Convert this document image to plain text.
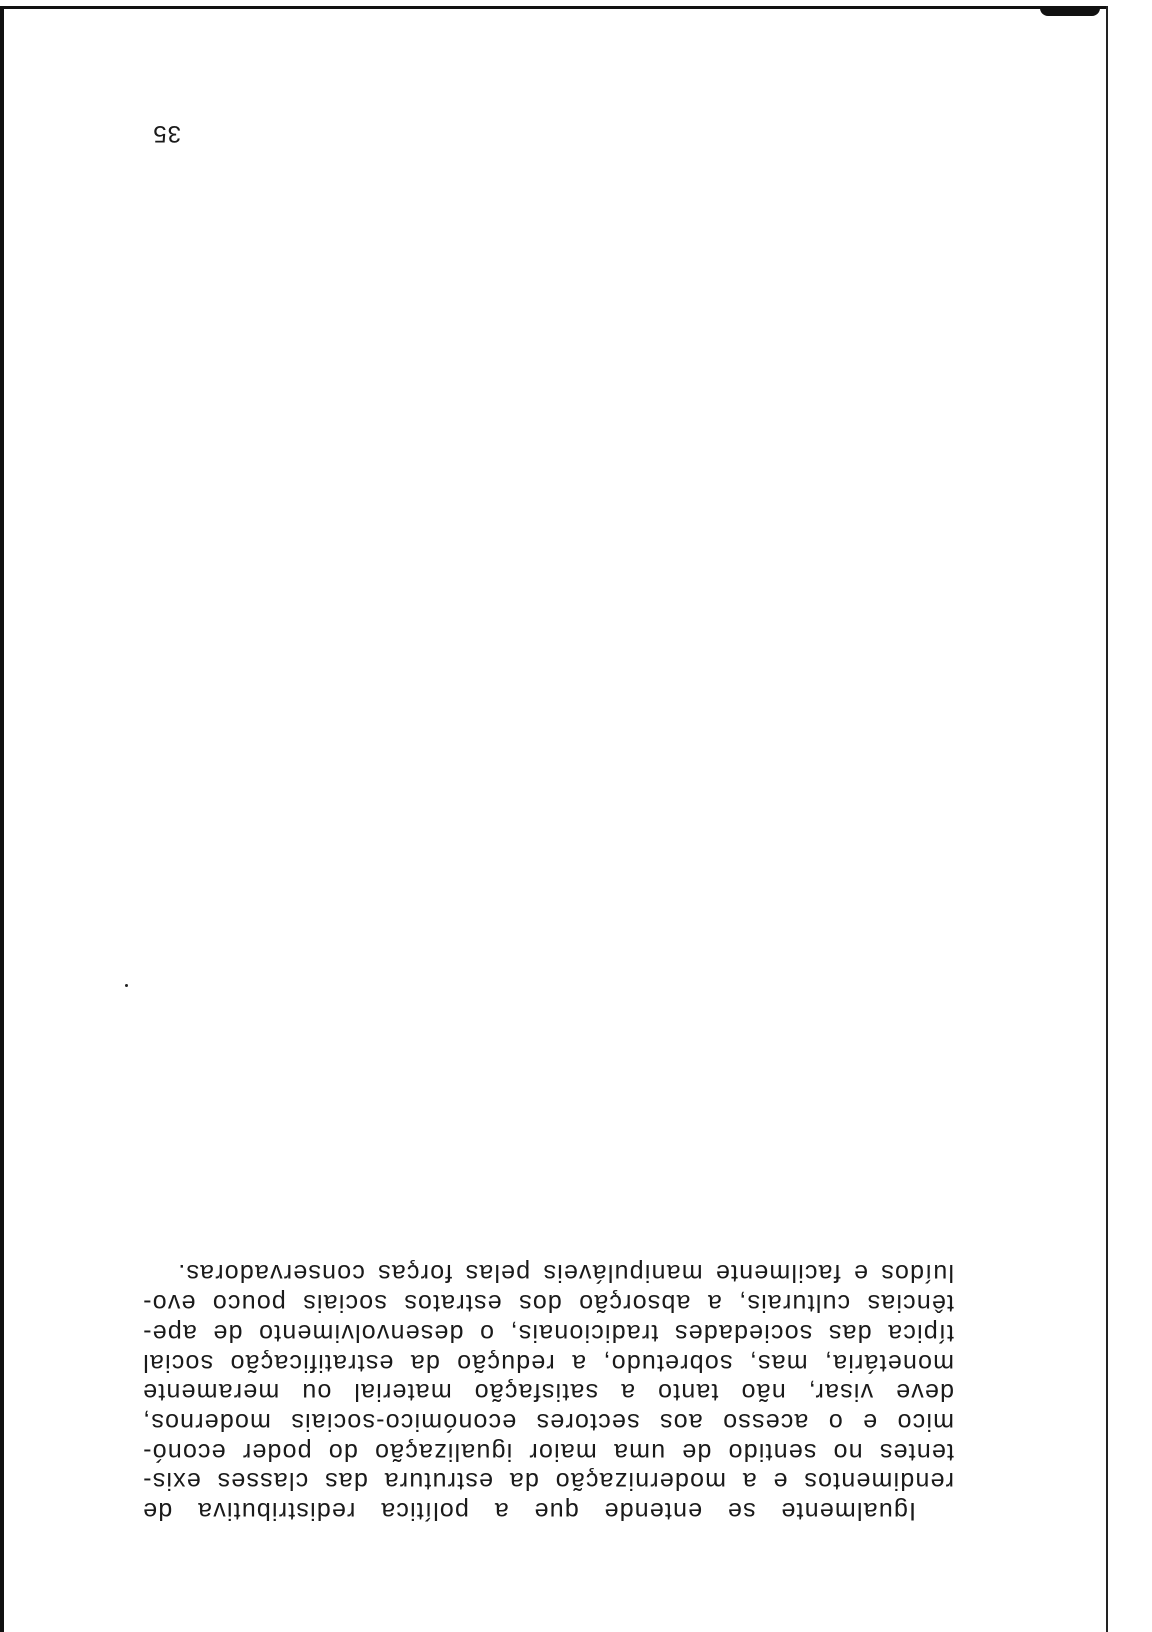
Igualmente se entende que a política redistributiva de
rendimentos e a modernização da estrutura das classes exis-
tentes no sentido de uma maior igualização do poder econó-
mico e o acesso aos sectores económico-sociais modernos,
deve visar, não tanto a satisfação material ou meramente
monetária, mas, sobretudo, a redução da estratificação social
típica das sociedades tradicionais, o desenvolvimento de ape-
tências culturais, a absorção dos estratos sociais pouco evo-
luídos e facilmente manipuláveis pelas forças conservadoras.

35
